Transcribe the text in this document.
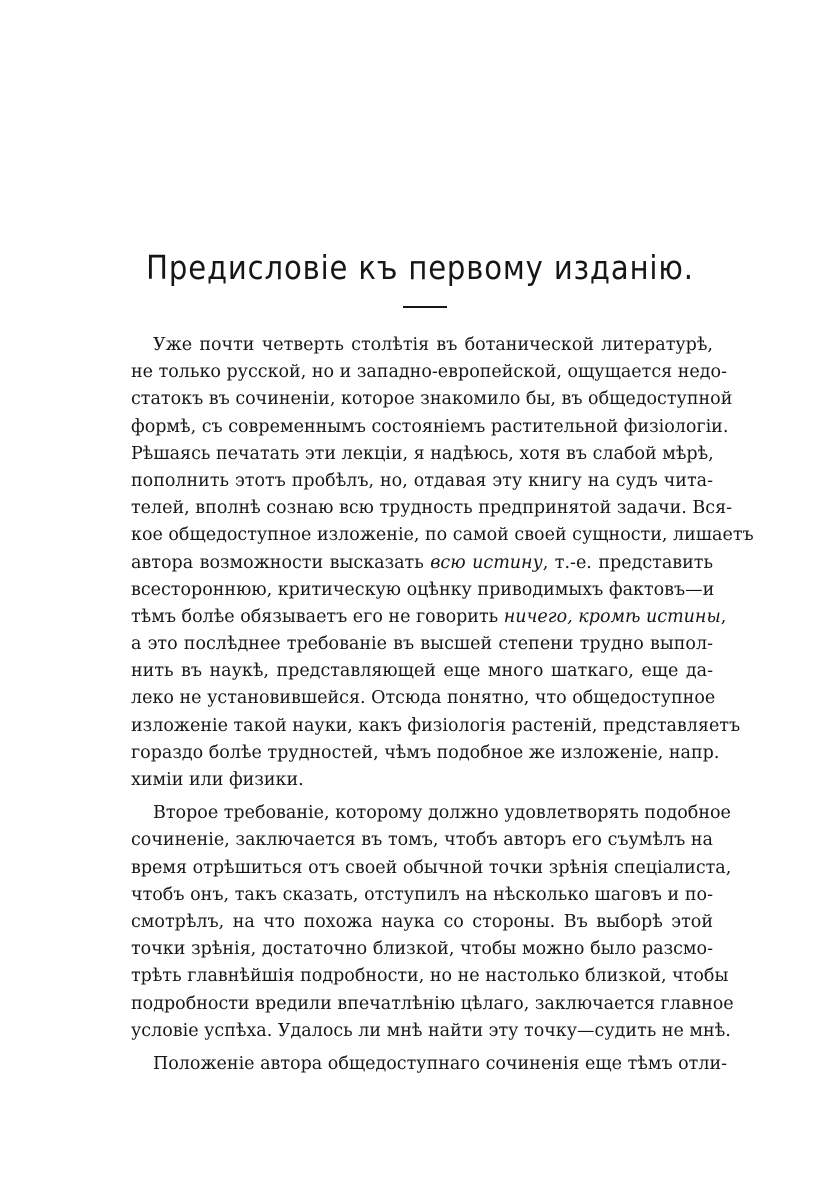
Предисловіе къ первому изданію.
Уже почти четверть столѣтія въ ботанической литературѣ,
не только русской, но и западно-европейской, ощущается недо-
статокъ въ сочиненіи, которое знакомило бы, въ общедоступной
формѣ, съ современнымъ состояніемъ растительной физіологіи.
Рѣшаясь печатать эти лекціи, я надѣюсь, хотя въ слабой мѣрѣ,
пополнить этотъ пробѣлъ, но, отдавая эту книгу на судъ чита-
телей, вполнѣ сознаю всю трудность предпринятой задачи. Вся-
кое общедоступное изложеніе, по самой своей сущности, лишаетъ
автора возможности высказать всю истину, т.-е. представить
всестороннюю, критическую оцѣнку приводимыхъ фактовъ—и
тѣмъ болѣе обязываетъ его не говорить ничего, кромѣ истины,
а это послѣднее требованіе въ высшей степени трудно выпол-
нить въ наукѣ, представляющей еще много шаткаго, еще да-
леко не установившейся. Отсюда понятно, что общедоступное
изложеніе такой науки, какъ физіологія растеній, представляетъ
гораздо болѣе трудностей, чѣмъ подобное же изложеніе, напр.
химіи или физики.
Второе требованіе, которому должно удовлетворять подобное
сочиненіе, заключается въ томъ, чтобъ авторъ его съумѣлъ на
время отрѣшиться отъ своей обычной точки зрѣнія спеціалиста,
чтобъ онъ, такъ сказать, отступилъ на нѣсколько шаговъ и по-
смотрѣлъ, на что похожа наука со стороны. Въ выборѣ этой
точки зрѣнія, достаточно близкой, чтобы можно было разсмо-
трѣть главнѣйшія подробности, но не настолько близкой, чтобы
подробности вредили впечатлѣнію цѣлаго, заключается главное
условіе успѣха. Удалось ли мнѣ найти эту точку—судить не мнѣ.
Положеніе автора общедоступнаго сочиненія еще тѣмъ отли-
